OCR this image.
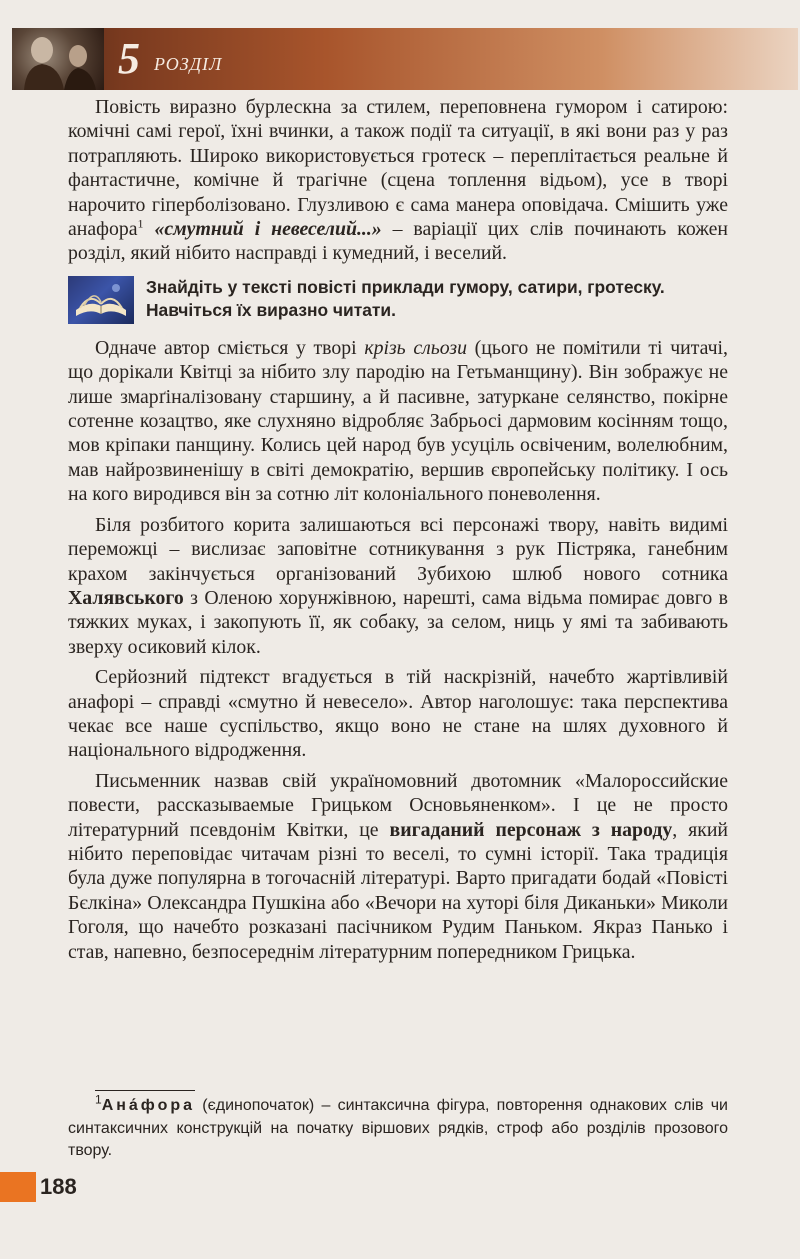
5 РОЗДІЛ

Повість виразно бурлескна за стилем, переповнена гумором і сатирою: комічні самі герої, їхні вчинки, а також події та ситуації, в які вони раз у раз потрапляють. Широко використовується гротеск – переплітається реальне й фантастичне, комічне й трагічне (сцена топлення відьом), усе в творі нарочито гіперболізовано. Глузливою є сама манера оповідача. Смішить уже анафора$^1$ «смутний і невеселий...» – варіації цих слів починають кожен розділ, який нібито насправді і кумедний, і веселий.

Знайдіть у тексті повісті приклади гумору, сатири, гротеску. Навчіться їх виразно читати.

Одначе автор сміється у творі крізь сльози (цього не помітили ті читачі, що дорікали Квітці за нібито злу пародію на Гетьманщину). Він зображує не лише змарґіналізовану старшину, а й пасивне, затуркане селянство, покірне сотенне козацтво, яке слухняно відробляє Забрьосі дармовим косінням тощо, мов кріпаки панщину. Колись цей народ був усуціль освіченим, волелюбним, мав найрозвиненішу в світі демократію, вершив європейську політику. І ось на кого виродився він за сотню літ колоніального поневолення.

Біля розбитого корита залишаються всі персонажі твору, навіть видимі переможці – вислизає заповітне сотникування з рук Пістряка, ганебним крахом закінчується організований Зубихою шлюб нового сотника Халявського з Оленою хорунжівною, нарешті, сама відьма помирає довго в тяжких муках, і закопують її, як собаку, за селом, ниць у ямі та забивають зверху осиковий кілок.

Серйозний підтекст вгадується в тій наскрізній, начебто жартівливій анафорі – справді «смутно й невесело». Автор наголошує: така перспектива чекає все наше суспільство, якщо воно не стане на шлях духовного й національного відродження.

Письменник назвав свій україномовний двотомник «Малороссийские повести, рассказываемые Грицьком Основьяненком». І це не просто літературний псевдонім Квітки, це вигаданий персонаж з народу, який нібито переповідає читачам різні то веселі, то сумні історії. Така традиція була дуже популярна в тогочасній літературі. Варто пригадати бодай «Повісті Бєлкіна» Олександра Пушкіна або «Вечори на хуторі біля Диканьки» Миколи Гоголя, що начебто розказані пасічником Рудим Паньком. Якраз Панько і став, напевно, безпосереднім літературним попередником Грицька.

$^1$Ана́фора (єдинопочаток) – синтаксична фігура, повторення однакових слів чи синтаксичних конструкцій на початку віршових рядків, строф або розділів прозового твору.
188
